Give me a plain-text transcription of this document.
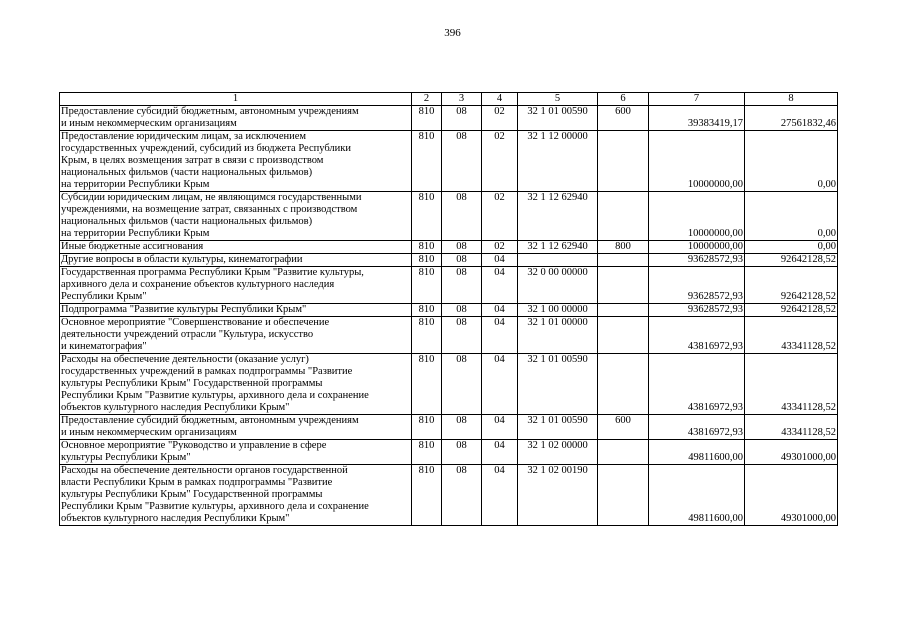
396
1	2	3	4	5	6	7	8

Предоставление субсидий бюджетным, автономным учреждениям
и иным некоммерческим организациям	810	08	02	32 1 01 00590	600	39383419,17	27561832,46

Предоставление юридическим лицам, за исключением
государственных учреждений, субсидий из бюджета Республики
Крым, в целях возмещения затрат в связи с производством
национальных фильмов (части национальных фильмов)
на территории Республики Крым	810	08	02	32 1 12 00000		10000000,00	0,00

Субсидии юридическим лицам, не являющимся государственными
учреждениями, на возмещение затрат, связанных с производством
национальных фильмов (части национальных фильмов)
на территории Республики Крым	810	08	02	32 1 12 62940		10000000,00	0,00

Иные бюджетные ассигнования	810	08	02	32 1 12 62940	800	10000000,00	0,00

Другие вопросы в области культуры, кинематографии	810	08	04			93628572,93	92642128,52

Государственная программа Республики Крым "Развитие культуры,
архивного дела и сохранение объектов культурного наследия
Республики Крым"	810	08	04	32 0 00 00000		93628572,93	92642128,52

Подпрограмма "Развитие культуры Республики Крым"	810	08	04	32 1 00 00000		93628572,93	92642128,52

Основное мероприятие "Совершенствование и обеспечение
деятельности учреждений отрасли "Культура, искусство
и кинематография"	810	08	04	32 1 01 00000		43816972,93	43341128,52

Расходы на обеспечение деятельности (оказание услуг)
государственных учреждений в рамках подпрограммы "Развитие
культуры Республики Крым" Государственной программы
Республики Крым "Развитие культуры, архивного дела и сохранение
объектов культурного наследия Республики Крым"	810	08	04	32 1 01 00590		43816972,93	43341128,52

Предоставление субсидий бюджетным, автономным учреждениям
и иным некоммерческим организациям	810	08	04	32 1 01 00590	600	43816972,93	43341128,52

Основное мероприятие "Руководство и управление в сфере
культуры Республики Крым"	810	08	04	32 1 02 00000		49811600,00	49301000,00

Расходы на обеспечение деятельности органов государственной
власти Республики Крым в рамках подпрограммы "Развитие
культуры Республики Крым" Государственной программы
Республики Крым "Развитие культуры, архивного дела и сохранение
объектов культурного наследия Республики Крым"	810	08	04	32 1 02 00190		49811600,00	49301000,00
